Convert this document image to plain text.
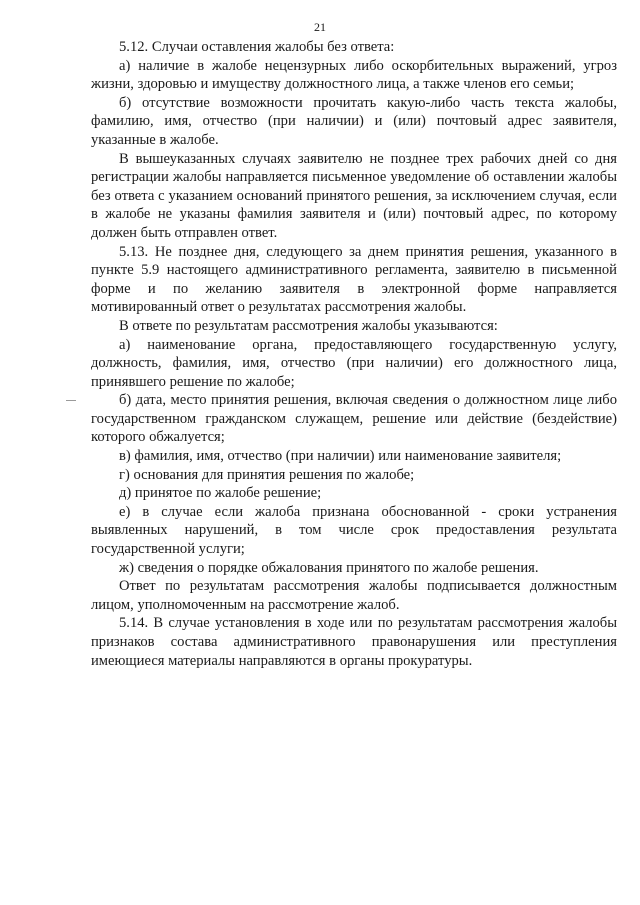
21

5.12. Случаи оставления жалобы без ответа:

а) наличие в жалобе нецензурных либо оскорбительных выражений, угроз жизни, здоровью и имуществу должностного лица, а также членов его семьи;

б) отсутствие возможности прочитать какую-либо часть текста жалобы, фамилию, имя, отчество (при наличии) и (или) почтовый адрес заявителя, указанные в жалобе.

В вышеуказанных случаях заявителю не позднее трех рабочих дней со дня регистрации жалобы направляется письменное уведомление об оставлении жалобы без ответа с указанием оснований принятого решения, за исключением случая, если в жалобе не указаны фамилия заявителя и (или) почтовый адрес, по которому должен быть отправлен ответ.

5.13. Не позднее дня, следующего за днем принятия решения, указанного в пункте 5.9 настоящего административного регламента, заявителю в письменной форме и по желанию заявителя в электронной форме направляется мотивированный ответ о результатах рассмотрения жалобы.

В ответе по результатам рассмотрения жалобы указываются:

а) наименование органа, предоставляющего государственную услугу, должность, фамилия, имя, отчество (при наличии) его должностного лица, принявшего решение по жалобе;

б) дата, место принятия решения, включая сведения о должностном лице либо государственном гражданском служащем, решение или действие (бездействие) которого обжалуется;

в) фамилия, имя, отчество (при наличии) или наименование заявителя;

г) основания для принятия решения по жалобе;

д) принятое по жалобе решение;

е) в случае если жалоба признана обоснованной - сроки устранения выявленных нарушений, в том числе срок предоставления результата государственной услуги;

ж) сведения о порядке обжалования принятого по жалобе решения.

Ответ по результатам рассмотрения жалобы подписывается должностным лицом, уполномоченным на рассмотрение жалоб.

5.14. В случае установления в ходе или по результатам рассмотрения жалобы признаков состава административного правонарушения или преступления имеющиеся материалы направляются в органы прокуратуры.
